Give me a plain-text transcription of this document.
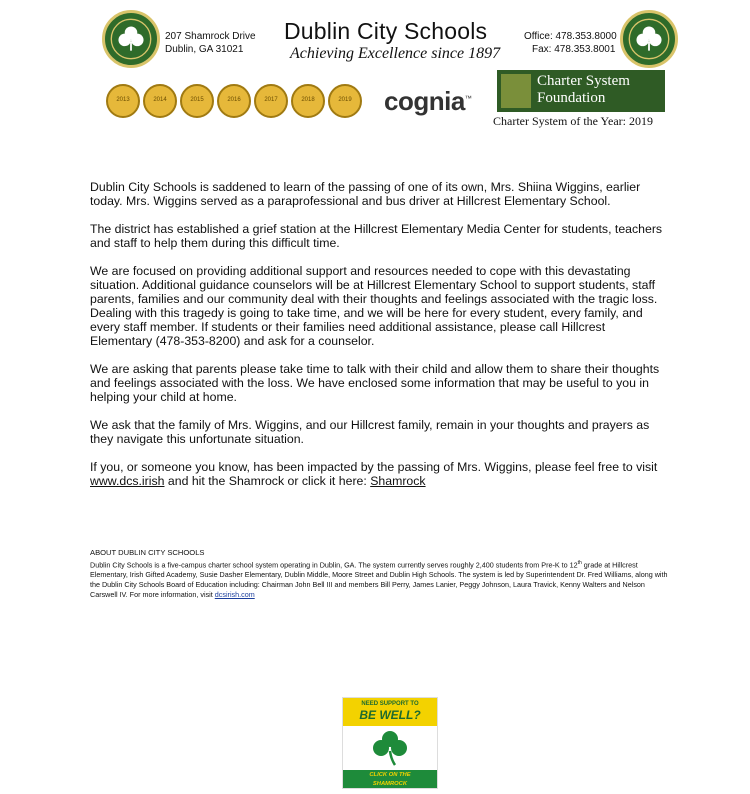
207 Shamrock Drive
Dublin, GA 31021
Dublin City Schools
Achieving Excellence since 1897
Office: 478.353.8000
Fax: 478.353.8001
2013	2014	2015	2016	2017	2018	2019	cognia™
Charter System
Foundation
Charter System of the Year: 2019

Dublin City Schools is saddened to learn of the passing of one of its own, Mrs. Shiina Wiggins, earlier today. Mrs. Wiggins served as a paraprofessional and bus driver at Hillcrest Elementary School.

The district has established a grief station at the Hillcrest Elementary Media Center for students, teachers and staff to help them during this difficult time.

We are focused on providing additional support and resources needed to cope with this devastating situation. Additional guidance counselors will be at Hillcrest Elementary School to support students, staff parents, families and our community deal with their thoughts and feelings associated with the tragic loss. Dealing with this tragedy is going to take time, and we will be here for every student, every family, and every staff member. If students or their families need additional assistance, please call Hillcrest Elementary (478-353-8200) and ask for a counselor.

We are asking that parents please take time to talk with their child and allow them to share their thoughts and feelings associated with the loss. We have enclosed some information that may be useful to you in helping your child at home.

We ask that the family of Mrs. Wiggins, and our Hillcrest family, remain in your thoughts and prayers as they navigate this unfortunate situation.

If you, or someone you know, has been impacted by the passing of Mrs. Wiggins, please feel free to visit www.dcs.irish and hit the Shamrock or click it here: Shamrock

ABOUT DUBLIN CITY SCHOOLS
Dublin City Schools is a five-campus charter school system operating in Dublin, GA. The system currently serves roughly 2,400 students from Pre-K to 12th grade at Hillcrest Elementary, Irish Gifted Academy, Susie Dasher Elementary, Dublin Middle, Moore Street and Dublin High Schools. The system is led by Superintendent Dr. Fred Williams, along with the Dublin City Schools Board of Education including: Chairman John Bell III and members Bill Perry, James Lanier, Peggy Johnson, Laura Travick, Kenny Walters and Nelson Carswell IV. For more information, visit dcsirish.com
NEED SUPPORT TO
BE WELL?
CLICK ON THE
SHAMROCK
